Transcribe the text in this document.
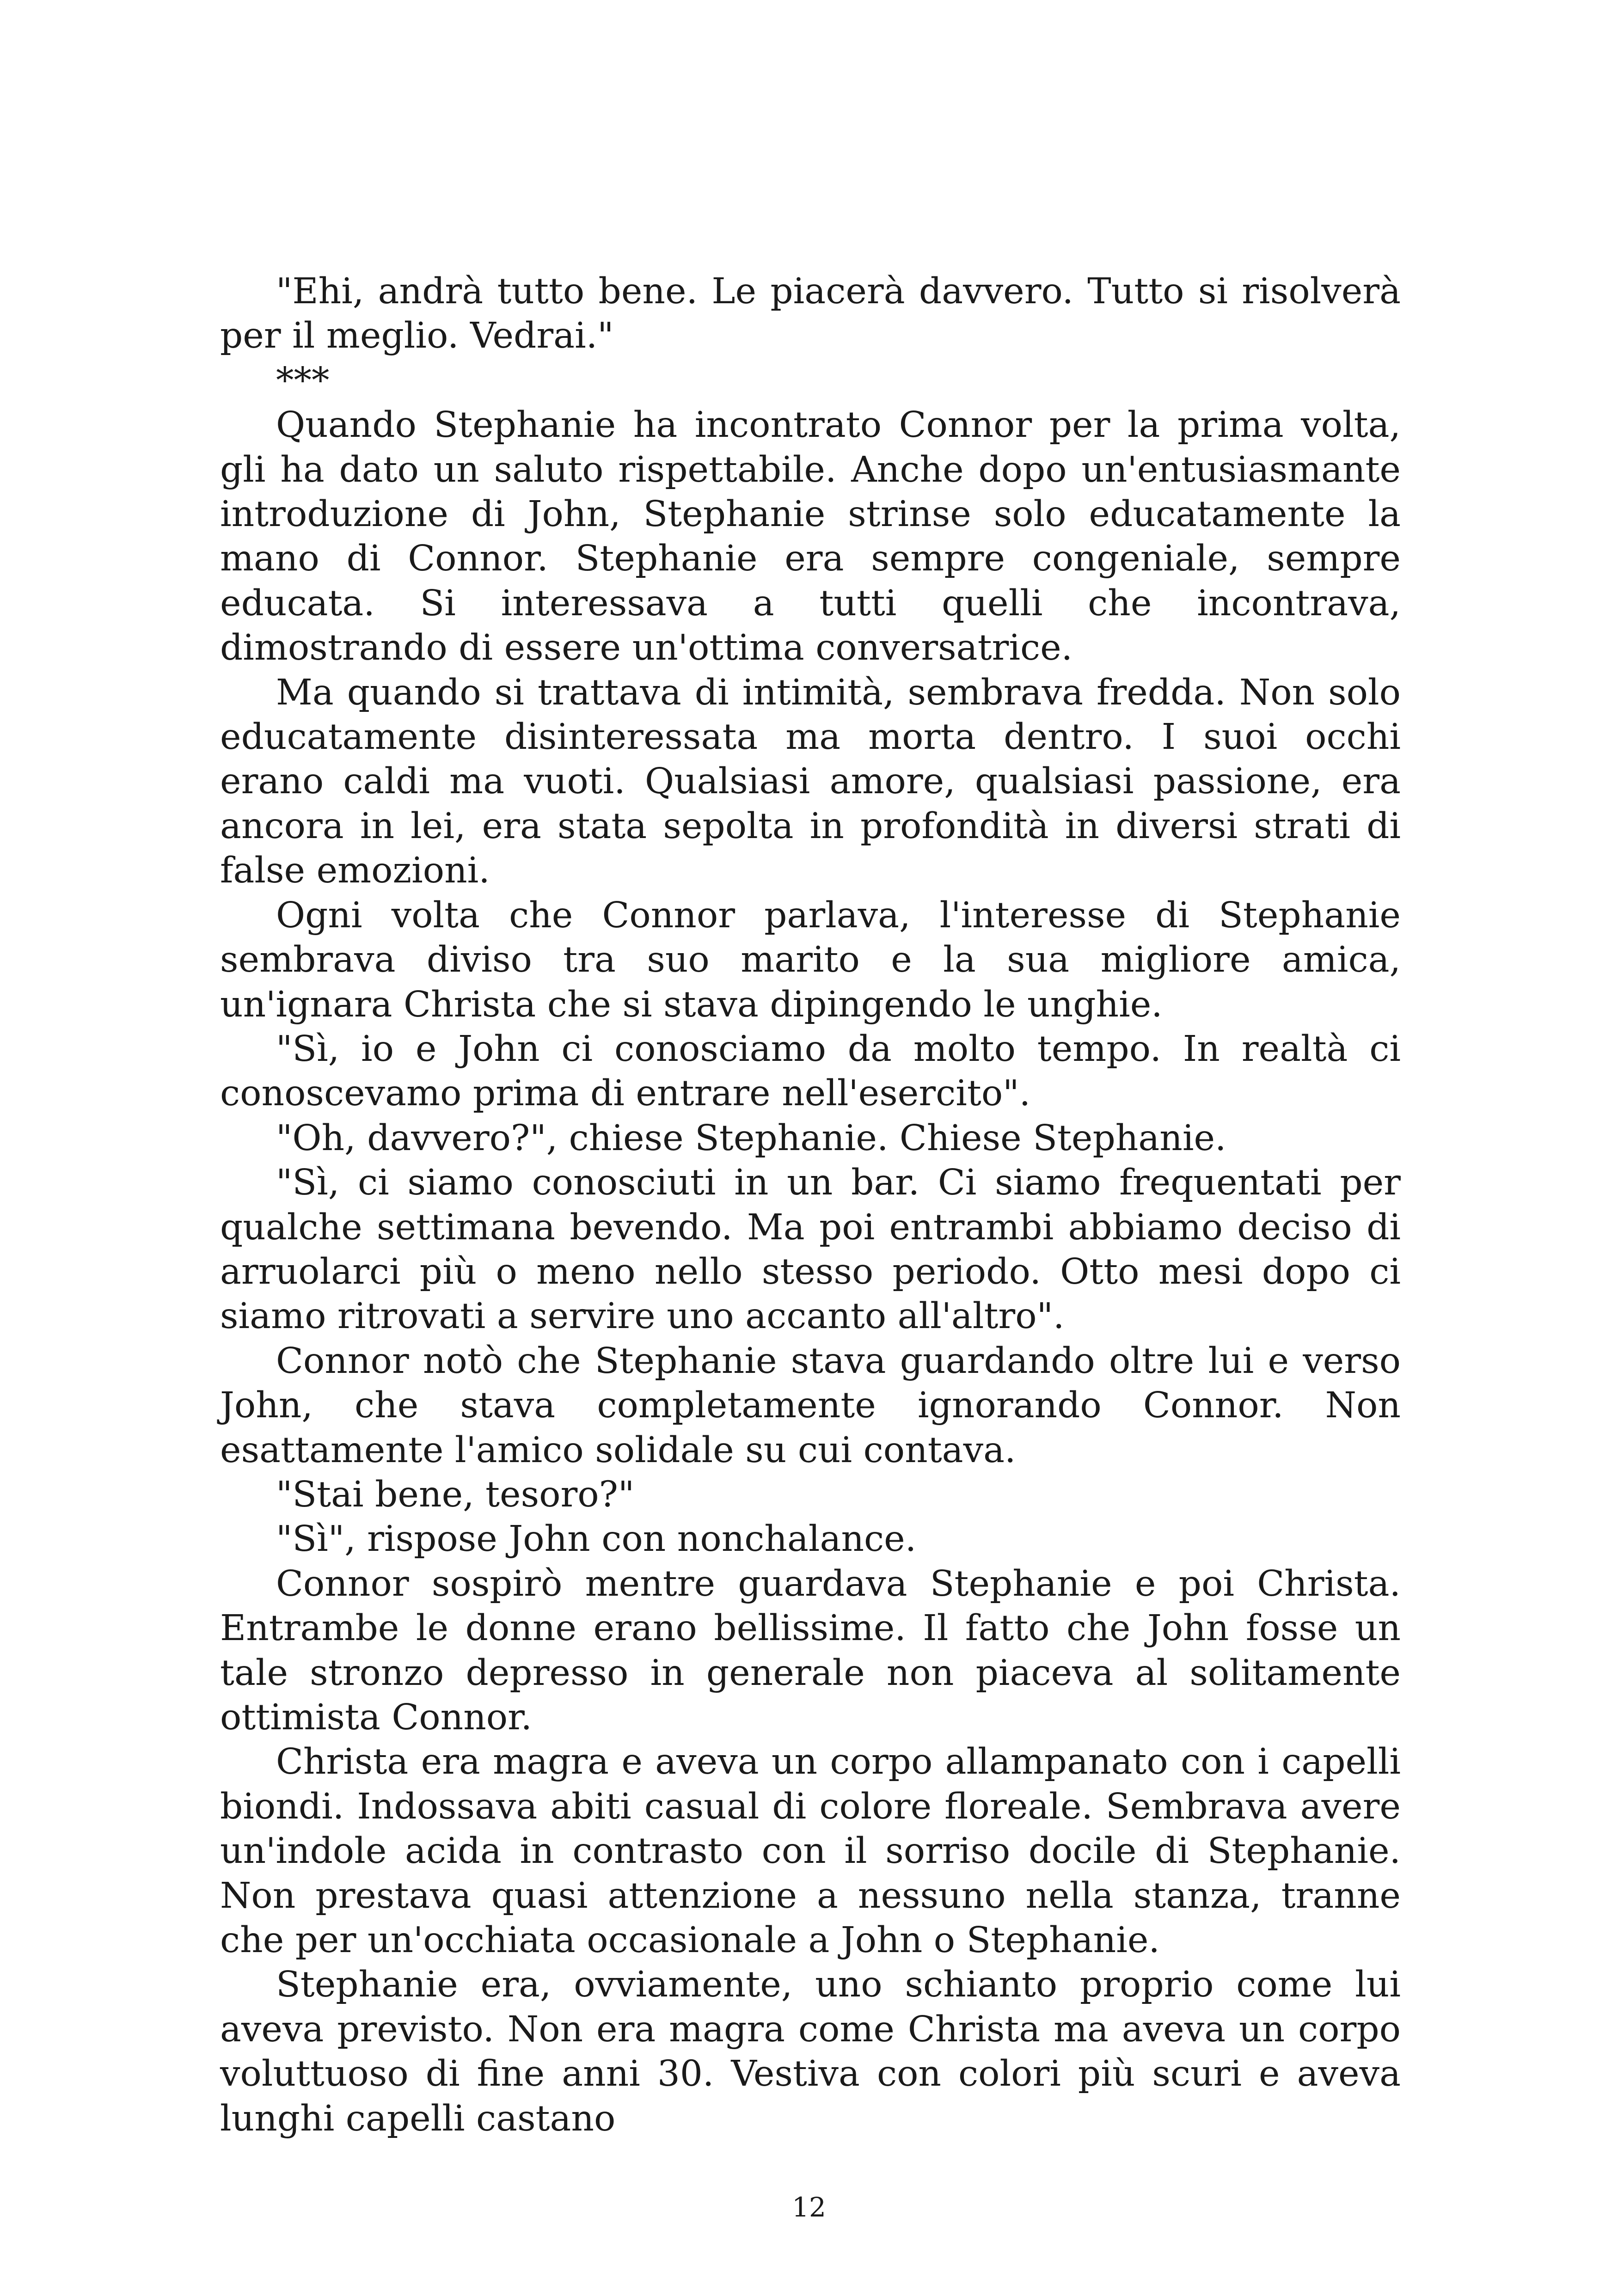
"Ehi, andrà tutto bene. Le piacerà davvero. Tutto si risolverà per il meglio. Vedrai."

***

Quando Stephanie ha incontrato Connor per la prima volta, gli ha dato un saluto rispettabile. Anche dopo un'entusiasmante introduzione di John, Stephanie strinse solo educatamente la mano di Connor. Stephanie era sempre congeniale, sempre educata. Si interessava a tutti quelli che incontrava, dimostrando di essere un'ottima conversatrice.

Ma quando si trattava di intimità, sembrava fredda. Non solo educatamente disinteressata ma morta dentro. I suoi occhi erano caldi ma vuoti. Qualsiasi amore, qualsiasi passione, era ancora in lei, era stata sepolta in profondità in diversi strati di false emozioni.

Ogni volta che Connor parlava, l'interesse di Stephanie sembrava diviso tra suo marito e la sua migliore amica, un'ignara Christa che si stava dipingendo le unghie.

"Sì, io e John ci conosciamo da molto tempo. In realtà ci conoscevamo prima di entrare nell'esercito".

"Oh, davvero?", chiese Stephanie. Chiese Stephanie.

"Sì, ci siamo conosciuti in un bar. Ci siamo frequentati per qualche settimana bevendo. Ma poi entrambi abbiamo deciso di arruolarci più o meno nello stesso periodo. Otto mesi dopo ci siamo ritrovati a servire uno accanto all'altro".

Connor notò che Stephanie stava guardando oltre lui e verso John, che stava completamente ignorando Connor. Non esattamente l'amico solidale su cui contava.

"Stai bene, tesoro?"

"Sì", rispose John con nonchalance.

Connor sospirò mentre guardava Stephanie e poi Christa. Entrambe le donne erano bellissime. Il fatto che John fosse un tale stronzo depresso in generale non piaceva al solitamente ottimista Connor.

Christa era magra e aveva un corpo allampanato con i capelli biondi. Indossava abiti casual di colore floreale. Sembrava avere un'indole acida in contrasto con il sorriso docile di Stephanie. Non prestava quasi attenzione a nessuno nella stanza, tranne che per un'occhiata occasionale a John o Stephanie.

Stephanie era, ovviamente, uno schianto proprio come lui aveva previsto. Non era magra come Christa ma aveva un corpo voluttuoso di fine anni 30. Vestiva con colori più scuri e aveva lunghi capelli castano

12
